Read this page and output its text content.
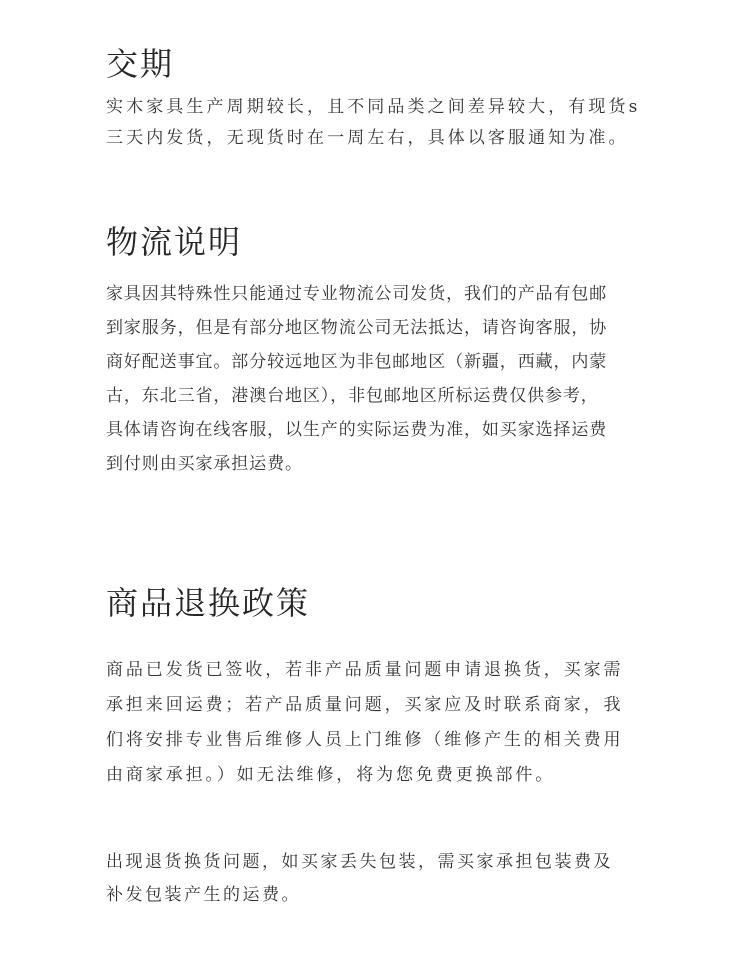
交期

实木家具生产周期较长，且不同品类之间差异较大，有现货s
三天内发货，无现货时在一周左右，具体以客服通知为准。

物流说明

家具因其特殊性只能通过专业物流公司发货，我们的产品有包邮
到家服务，但是有部分地区物流公司无法抵达，请咨询客服，协
商好配送事宜。部分较远地区为非包邮地区（新疆，西藏，内蒙
古，东北三省，港澳台地区），非包邮地区所标运费仅供参考，
具体请咨询在线客服，以生产的实际运费为准，如买家选择运费
到付则由买家承担运费。

商品退换政策

商品已发货已签收，若非产品质量问题申请退换货，买家需
承担来回运费；若产品质量问题，买家应及时联系商家，我
们将安排专业售后维修人员上门维修（维修产生的相关费用
由商家承担。）如无法维修，将为您免费更换部件。

出现退货换货问题，如买家丢失包装，需买家承担包装费及
补发包装产生的运费。
